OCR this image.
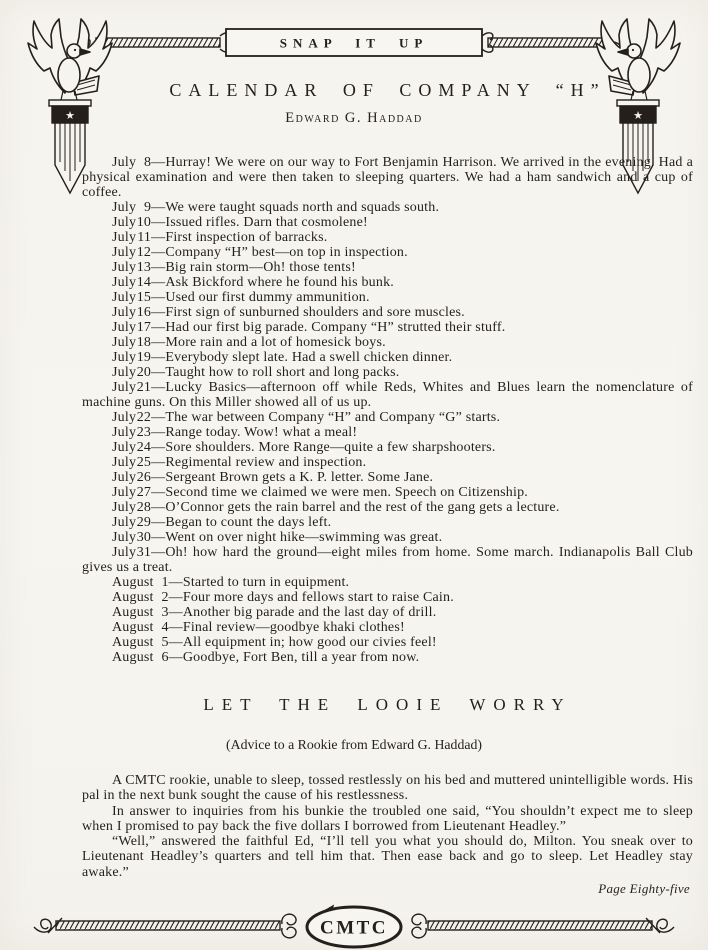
SNAP IT UP
★	★
CALENDAR OF COMPANY “H”
Edward G. Haddad

July 8—Hurray! We were on our way to Fort Benjamin Harrison. We arrived in the evening. Had a physical examination and were then taken to sleeping quarters. We had a ham sandwich and a cup of coffee.

July 9—We were taught squads north and squads south.

July10—Issued rifles. Darn that cosmolene!

July11—First inspection of barracks.

July12—Company “H” best—on top in inspection.

July13—Big rain storm—Oh! those tents!

July14—Ask Bickford where he found his bunk.

July15—Used our first dummy ammunition.

July16—First sign of sunburned shoulders and sore muscles.

July17—Had our first big parade. Company “H” strutted their stuff.

July18—More rain and a lot of homesick boys.

July19—Everybody slept late. Had a swell chicken dinner.

July20—Taught how to roll short and long packs.

July21—Lucky Basics—afternoon off while Reds, Whites and Blues learn the nomenclature of machine guns. On this Miller showed all of us up.

July22—The war between Company “H” and Company “G” starts.

July23—Range today. Wow! what a meal!

July24—Sore shoulders. More Range—quite a few sharpshooters.

July25—Regimental review and inspection.

July26—Sergeant Brown gets a K. P. letter. Some Jane.

July27—Second time we claimed we were men. Speech on Citizenship.

July28—O’Connor gets the rain barrel and the rest of the gang gets a lecture.

July29—Began to count the days left.

July30—Went on over night hike—swimming was great.

July31—Oh! how hard the ground—eight miles from home. Some march. Indianapolis Ball Club gives us a treat.

August 1—Started to turn in equipment.

August 2—Four more days and fellows start to raise Cain.

August 3—Another big parade and the last day of drill.

August 4—Final review—goodbye khaki clothes!

August 5—All equipment in; how good our civies feel!

August 6—Goodbye, Fort Ben, till a year from now.

LET THE LOOIE WORRY
(Advice to a Rookie from Edward G. Haddad)

A CMTC rookie, unable to sleep, tossed restlessly on his bed and muttered unintelligible words. His pal in the next bunk sought the cause of his restlessness.

In answer to inquiries from his bunkie the troubled one said, “You shouldn’t expect me to sleep when I promised to pay back the five dollars I borrowed from Lieutenant Headley.”

“Well,” answered the faithful Ed, “I’ll tell you what you should do, Milton. You sneak over to Lieutenant Headley’s quarters and tell him that. Then ease back and go to sleep. Let Headley stay awake.”

Page Eighty-five
CMTC
